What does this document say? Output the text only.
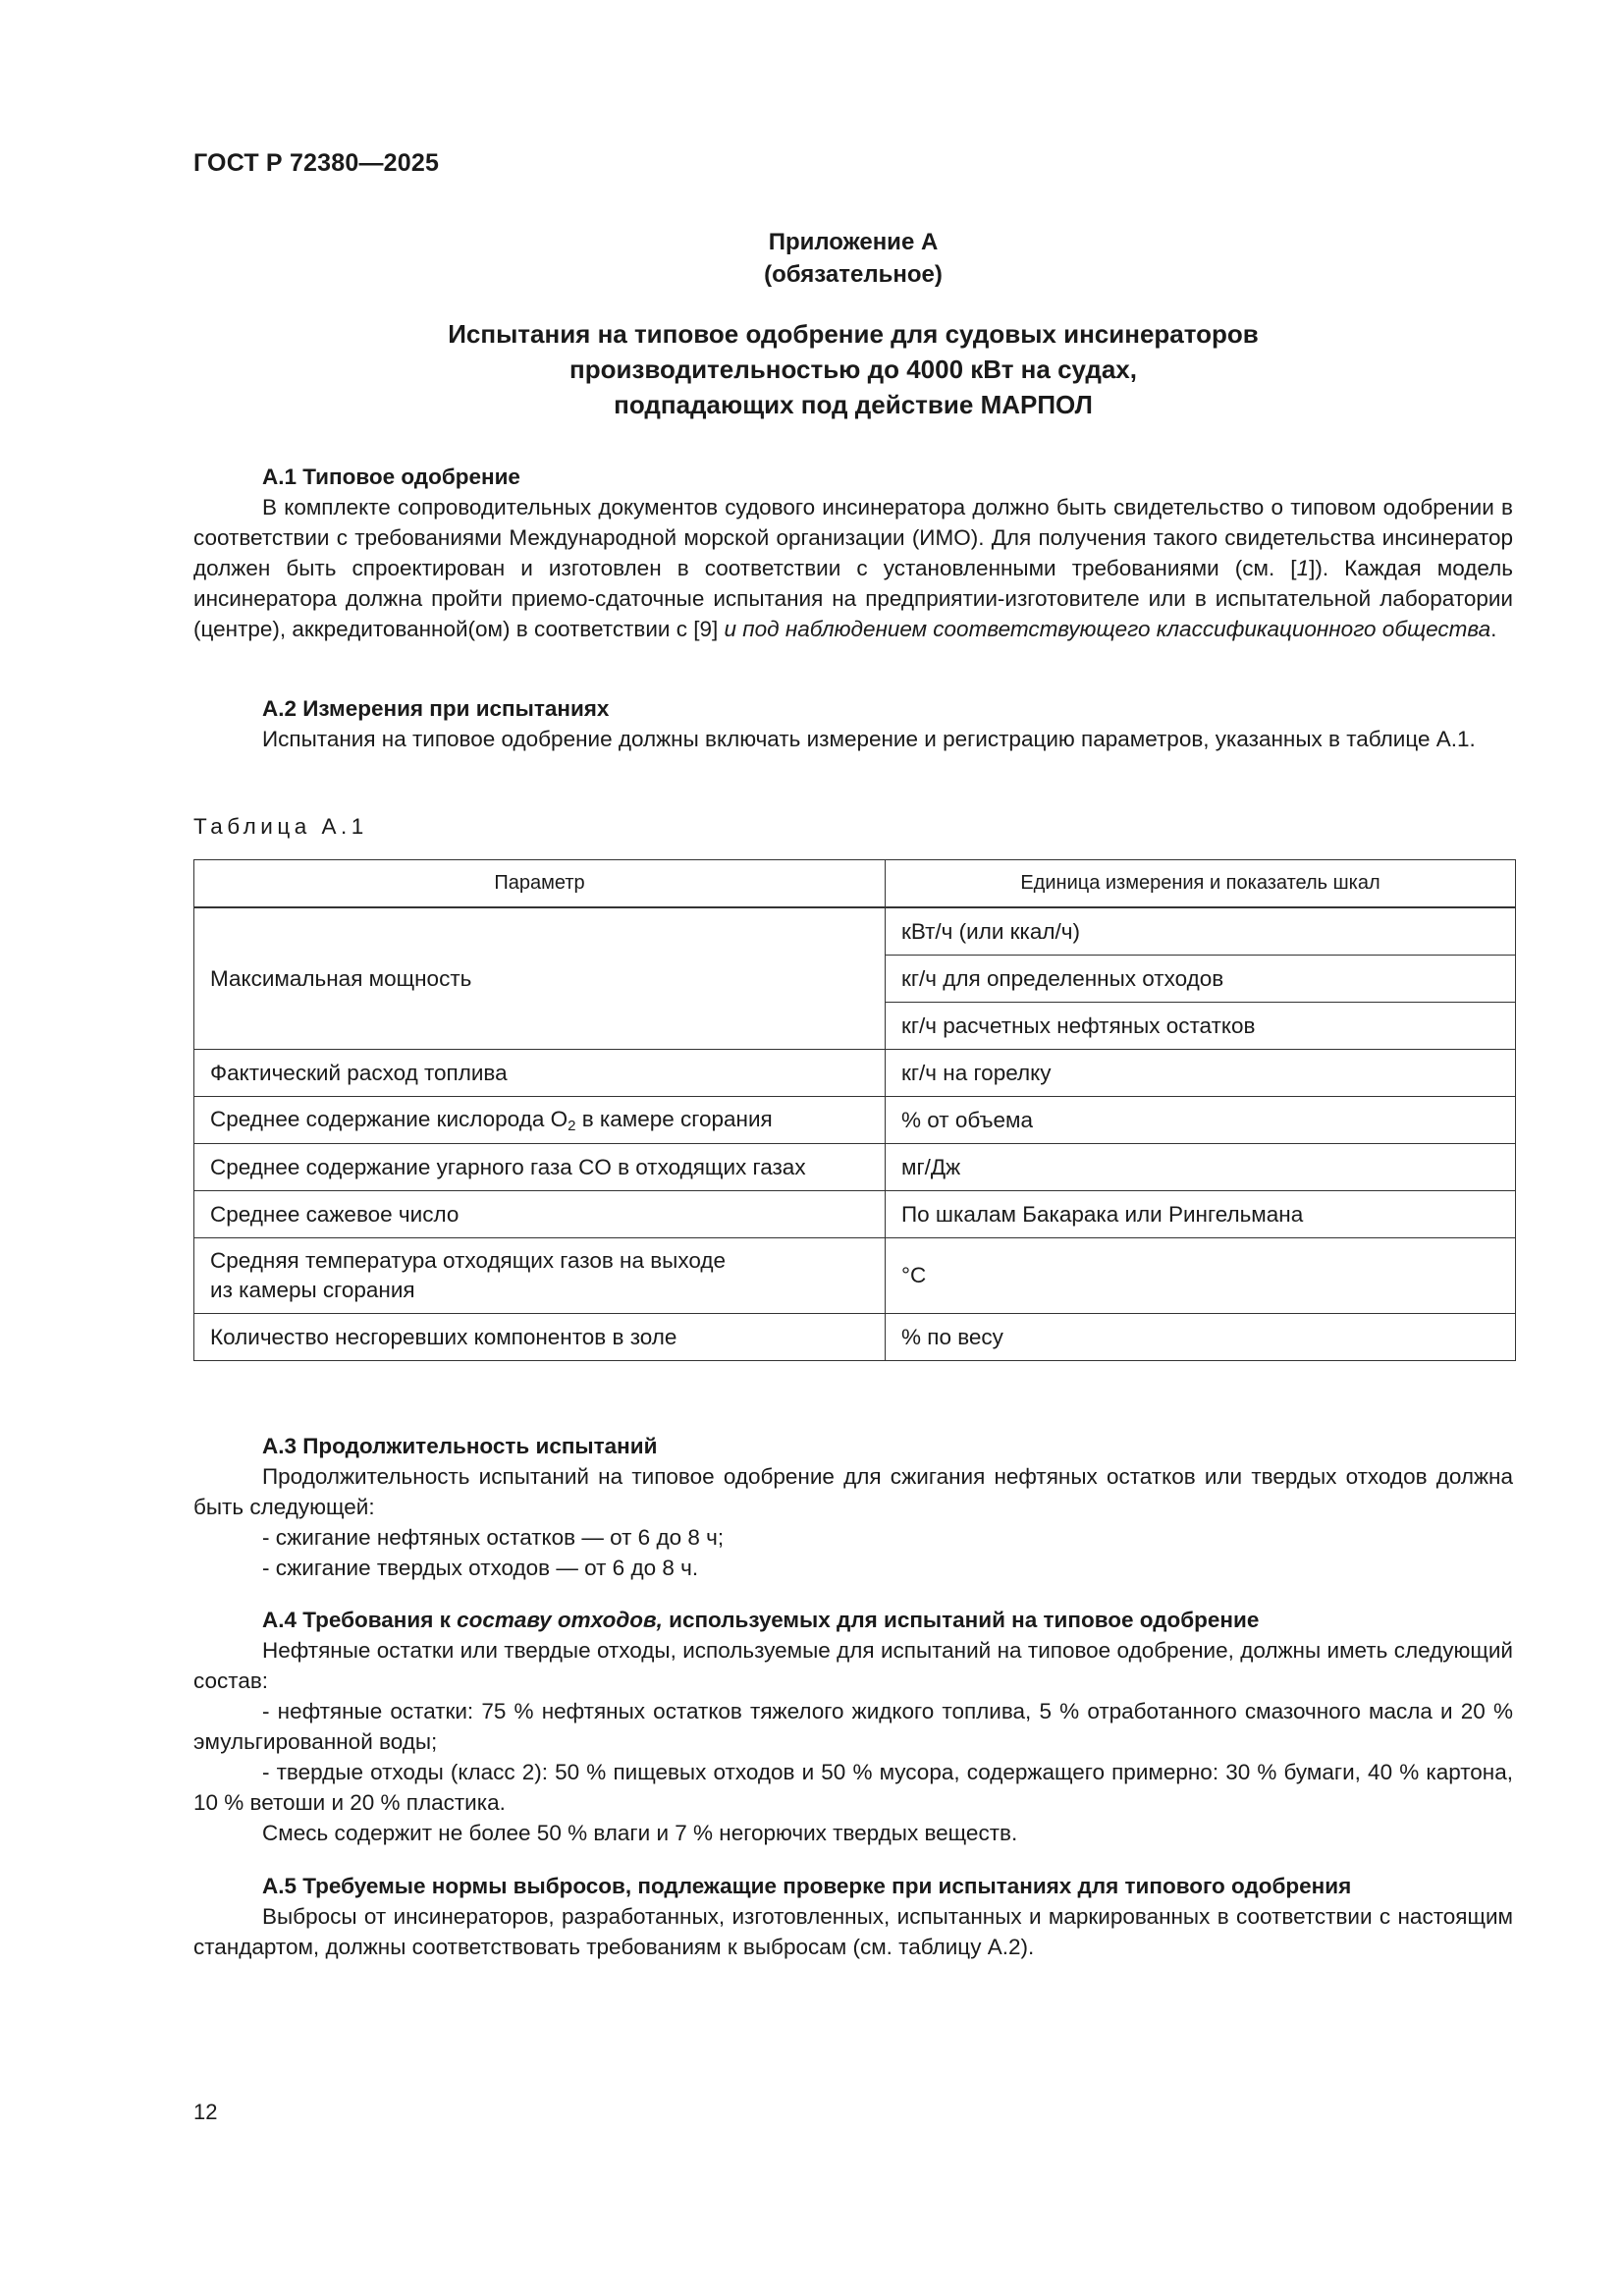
ГОСТ Р 72380—2025
Приложение А
(обязательное)
Испытания на типовое одобрение для судовых инсинераторов
производительностью до 4000 кВт на судах,
подпадающих под действие МАРПОЛ
А.1 Типовое одобрение

В комплекте сопроводительных документов судового инсинератора должно быть свидетельство о типовом одобрении в соответствии с требованиями Международной морской организации (ИМО). Для получения такого свидетельства инсинератор должен быть спроектирован и изготовлен в соответствии с установленными требованиями (см. [1]). Каждая модель инсинератора должна пройти приемо-сдаточные испытания на предприятии-изготовителе или в испытательной лаборатории (центре), аккредитованной(ом) в соответствии с [9] и под наблюдением соответствующего классификационного общества.

А.2 Измерения при испытаниях

Испытания на типовое одобрение должны включать измерение и регистрацию параметров, указанных в таблице А.1.

Таблица А.1
Параметр	Единица измерения и показатель шкал
Максимальная мощность	кВт/ч (или ккал/ч)
	кг/ч для определенных отходов
	кг/ч расчетных нефтяных остатков
Фактический расход топлива	кг/ч на горелку
Среднее содержание кислорода $O_2$ в камере сгорания	% от объема
Среднее содержание угарного газа CO в отходящих газах	мг/Дж
Среднее сажевое число	По шкалам Бакарака или Рингельмана

Средняя температура отходящих газов на выходе
из камеры сгорания	°C
Количество несгоревших компонентов в золе	% по весу
А.3 Продолжительность испытаний

Продолжительность испытаний на типовое одобрение для сжигания нефтяных остатков или твердых отходов должна быть следующей:

- сжигание нефтяных остатков — от 6 до 8 ч;

- сжигание твердых отходов — от 6 до 8 ч.

А.4 Требования к составу отходов, используемых для испытаний на типовое одобрение

Нефтяные остатки или твердые отходы, используемые для испытаний на типовое одобрение, должны иметь следующий состав:

- нефтяные остатки: 75 % нефтяных остатков тяжелого жидкого топлива, 5 % отработанного смазочного масла и 20 % эмульгированной воды;

- твердые отходы (класс 2): 50 % пищевых отходов и 50 % мусора, содержащего примерно: 30 % бумаги, 40 % картона, 10 % ветоши и 20 % пластика.

Смесь содержит не более 50 % влаги и 7 % негорючих твердых веществ.

А.5 Требуемые нормы выбросов, подлежащие проверке при испытаниях для типового одобрения

Выбросы от инсинераторов, разработанных, изготовленных, испытанных и маркированных в соответствии с настоящим стандартом, должны соответствовать требованиям к выбросам (см. таблицу А.2).

12
